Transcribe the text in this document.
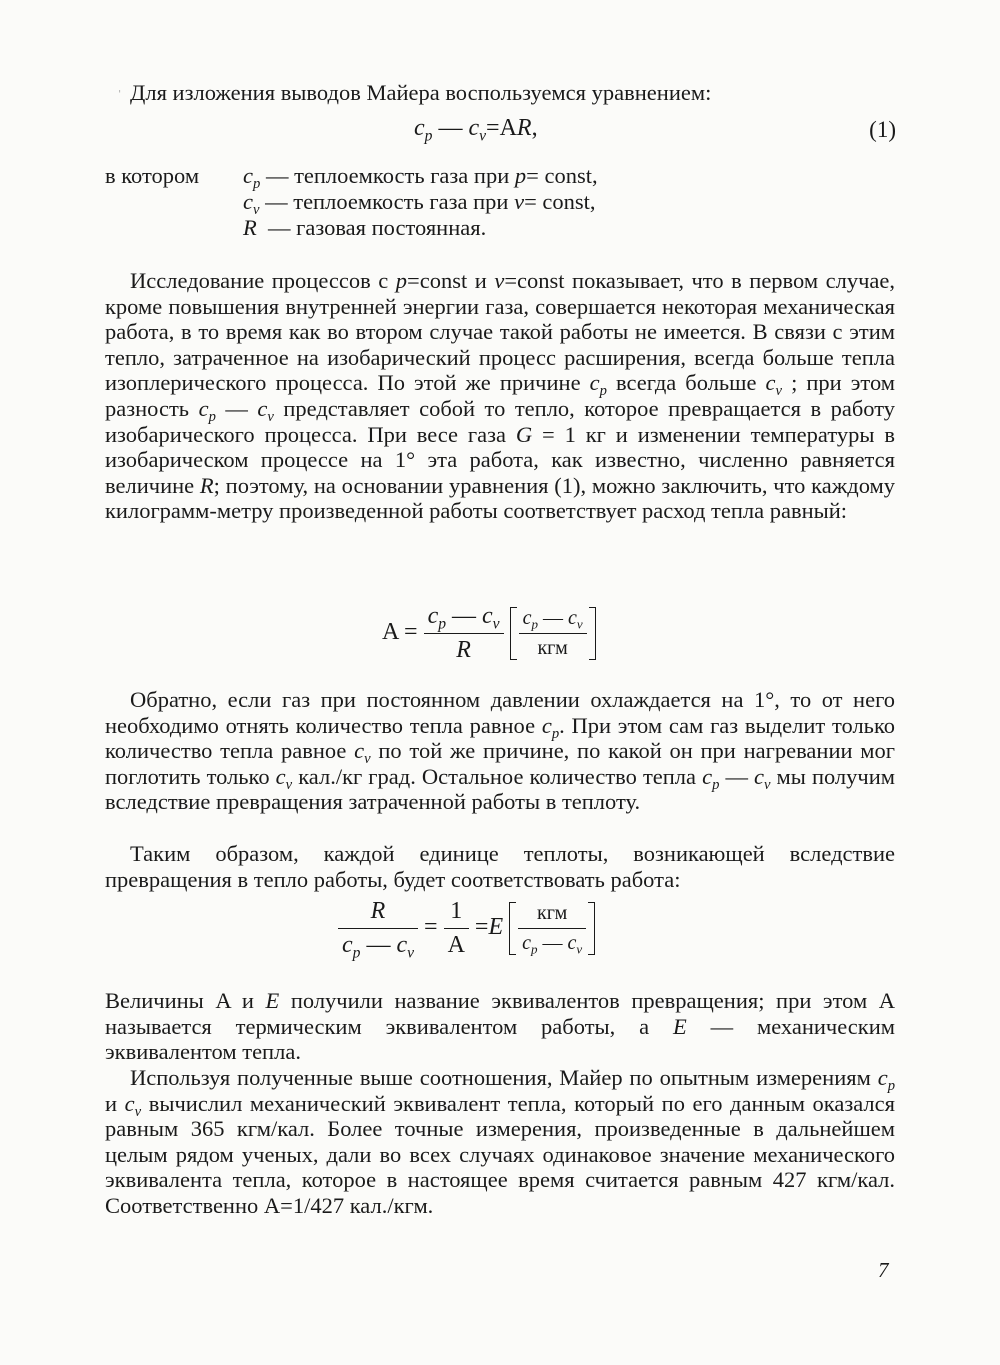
ˈ Для изложения выводов Майера воспользуемся уравнением:

$c_p$ — $c_v=AR$,	(1)
в котором	$c_p$ — теплоемкость газа при p= const,
$c_v$ — теплоемкость газа при v= const,
R — газовая постоянная.

Исследование процессов с p=const и v=const показывает, что в первом случае, кроме повышения внутренней энергии газа, совершается некоторая механическая работа, в то время как во втором случае такой работы не имеется. В связи с этим тепло, затраченное на изобарический процесс расширения, всегда больше тепла изоплерического процесса. По этой же причине $c_p$ всегда больше $c_v$ ; при этом разность $c_p$ — $c_v$ представляет собой то тепло, которое превращается в работу изобарического процесса. При весе газа G = 1 кг и изменении температуры в изобарическом процессе на 1° эта работа, как известно, численно равняется величине R; поэтому, на основании уравнения (1), можно заключить, что каждому килограмм-метру произведенной работы соответствует расход тепла равный:

$A = \frac{c_p — c_v}{R}$
$\frac{c_p — c_v}{\text{кгм}}$

Обратно, если газ при постоянном давлении охлаждается на 1°, то от него необходимо отнять количество тепла равное $c_p$. При этом сам газ выделит только количество тепла равное $c_v$ по той же причине, по какой он при нагревании мог поглотить только $c_v$ кал./кг град. Остальное количество тепла $c_p$ — $c_v$ мы получим вследствие превращения затраченной работы в теплоту.

Таким образом, каждой единице теплоты, возникающей вследствие превращения в тепло работы, будет соответствовать работа:

$\frac{R}{c_p — c_v} = \frac{1}{A} =E \frac{\text{кгм}}{c_p — c_v}$

Величины A и E получили название эквивалентов превращения; при этом A называется термическим эквивалентом работы, а E — механическим эквивалентом тепла.

Используя полученные выше соотношения, Майер по опытным измерениям $c_p$ и $c_v$ вычислил механический эквивалент тепла, который по его данным оказался равным 365 кгм/кал. Более точные измерения, произведенные в дальнейшем целым рядом ученых, дали во всех случаях одинаковое значение механического эквивалента тепла, которое в настоящее время считается равным 427 кгм/кал. Соответственно A=1/427 кал./кгм.

7
